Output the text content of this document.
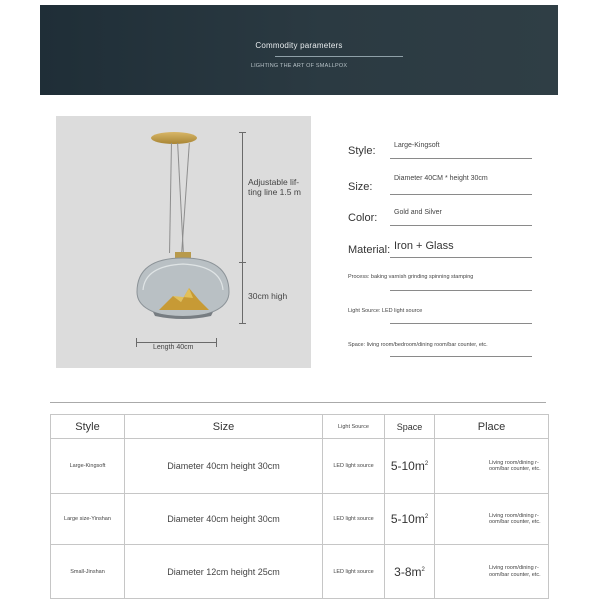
Commodity parameters
LIGHTING THE ART OF SMALLPOX
Adjustable lif-ting line 1.5 m
30cm high
Length 40cm
Style:	Large-Kingsoft
Size:
Diameter 40CM * height 30cm
Color: Gold and Silver
Material: Iron + Glass
Process: baking varnish grinding spinning stamping
Light Source: LED light source
Space: living room/bedroom/dining room/bar counter, etc.
Style	Size	Light Source	Space	Place
Large-Kingsoft	Diameter 40cm height 30cm	LED light source	$5-10m^2$	Living room/dining r-oom/bar counter, etc.

Large size-Yinshan	Diameter 40cm height 30cm	LED light source	$5-10m^2$	Living room/dining r-oom/bar counter, etc.

Small-Jinshan	Diameter 12cm height 25cm	LED light source	$3-8m^2$	Living room/dining r-oom/bar counter, etc.
